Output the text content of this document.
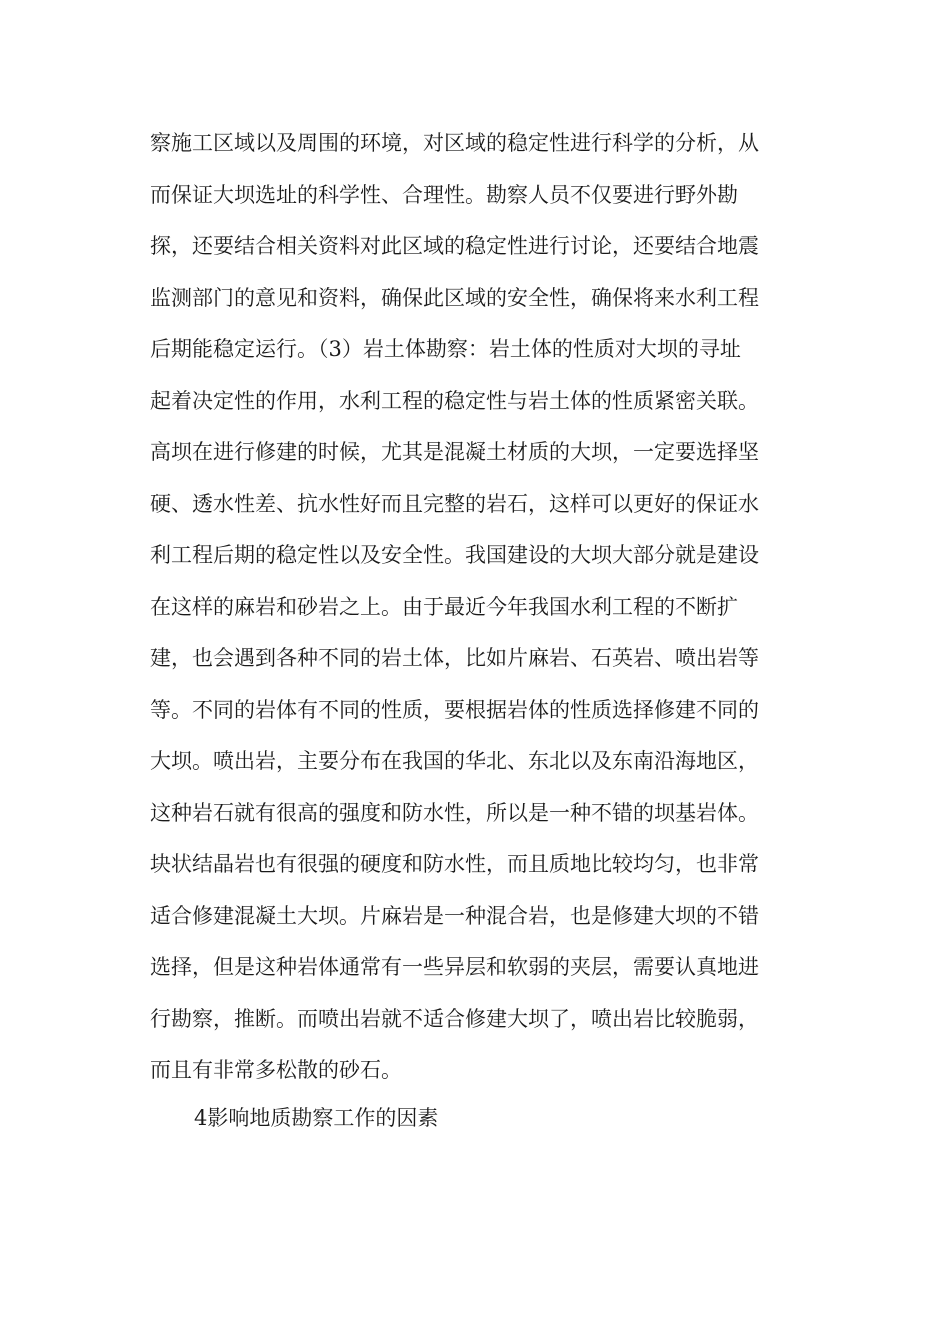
察施工区域以及周围的环境，对区域的稳定性进行科学的分析，从
而保证大坝选址的科学性、合理性。勘察人员不仅要进行野外勘
探，还要结合相关资料对此区域的稳定性进行讨论，还要结合地震
监测部门的意见和资料，确保此区域的安全性，确保将来水利工程
后期能稳定运行。（3）岩土体勘察：岩土体的性质对大坝的寻址
起着决定性的作用，水利工程的稳定性与岩土体的性质紧密关联。
高坝在进行修建的时候，尤其是混凝土材质的大坝，一定要选择坚
硬、透水性差、抗水性好而且完整的岩石，这样可以更好的保证水
利工程后期的稳定性以及安全性。我国建设的大坝大部分就是建设
在这样的麻岩和砂岩之上。由于最近今年我国水利工程的不断扩
建，也会遇到各种不同的岩土体，比如片麻岩、石英岩、喷出岩等
等。不同的岩体有不同的性质，要根据岩体的性质选择修建不同的
大坝。喷出岩，主要分布在我国的华北、东北以及东南沿海地区，
这种岩石就有很高的强度和防水性，所以是一种不错的坝基岩体。
块状结晶岩也有很强的硬度和防水性，而且质地比较均匀，也非常
适合修建混凝土大坝。片麻岩是一种混合岩，也是修建大坝的不错
选择，但是这种岩体通常有一些异层和软弱的夹层，需要认真地进
行勘察，推断。而喷出岩就不适合修建大坝了，喷出岩比较脆弱，
而且有非常多松散的砂石。

4影响地质勘察工作的因素
